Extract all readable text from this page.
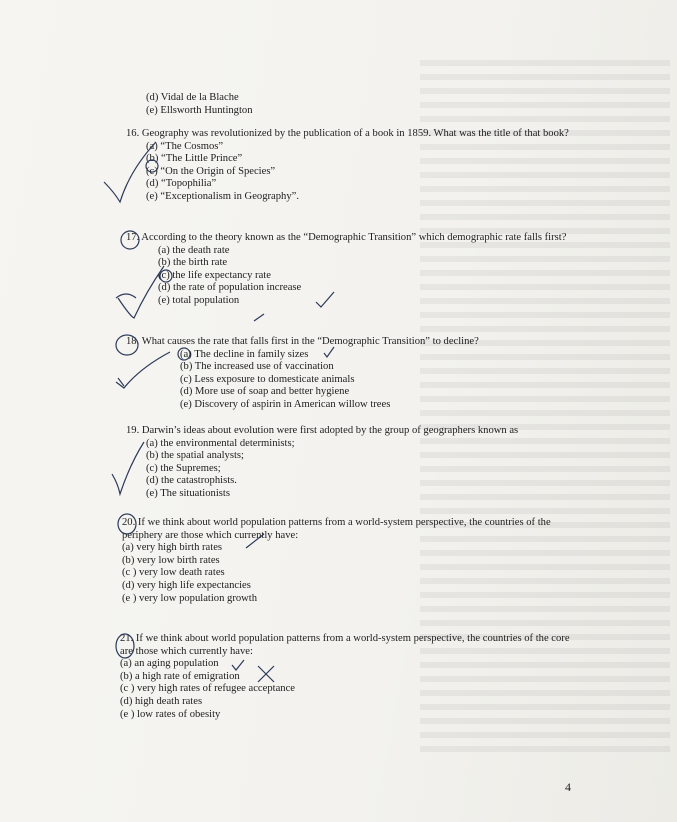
(d) Vidal de la Blache
(e) Ellsworth Huntington

16. Geography was revolutionized by the publication of a book in 1859. What was the title of that book?

(a) “The Cosmos”
(b) “The Little Prince”
(c) “On the Origin of Species”
(d) “Topophilia”
(e) “Exceptionalism in Geography”.

17. According to the theory known as the “Demographic Transition” which demographic rate falls first?

(a) the death rate
(b) the birth rate
(c) the life expectancy rate
(d) the rate of population increase
(e) total population

18. What causes the rate that falls first in the “Demographic Transition” to decline?

(a) The decline in family sizes
(b) The increased use of vaccination
(c) Less exposure to domesticate animals
(d) More use of soap and better hygiene
(e) Discovery of aspirin in American willow trees

19. Darwin’s ideas about evolution were first adopted by the group of geographers known as

(a) the environmental determinists;
(b) the spatial analysts;
(c) the Supremes;
(d) the catastrophists.
(e) The situationists

20. If we think about world population patterns from a world-system perspective, the countries of the periphery are those which currently have:

(a) very high birth rates
(b) very low birth rates
(c ) very low death rates
(d) very high life expectancies
(e ) very low population growth

21. If we think about world population patterns from a world-system perspective, the countries of the core are those which currently have:

(a) an aging population
(b) a high rate of emigration
(c ) very high rates of refugee acceptance
(d) high death rates
(e ) low rates of obesity
4
